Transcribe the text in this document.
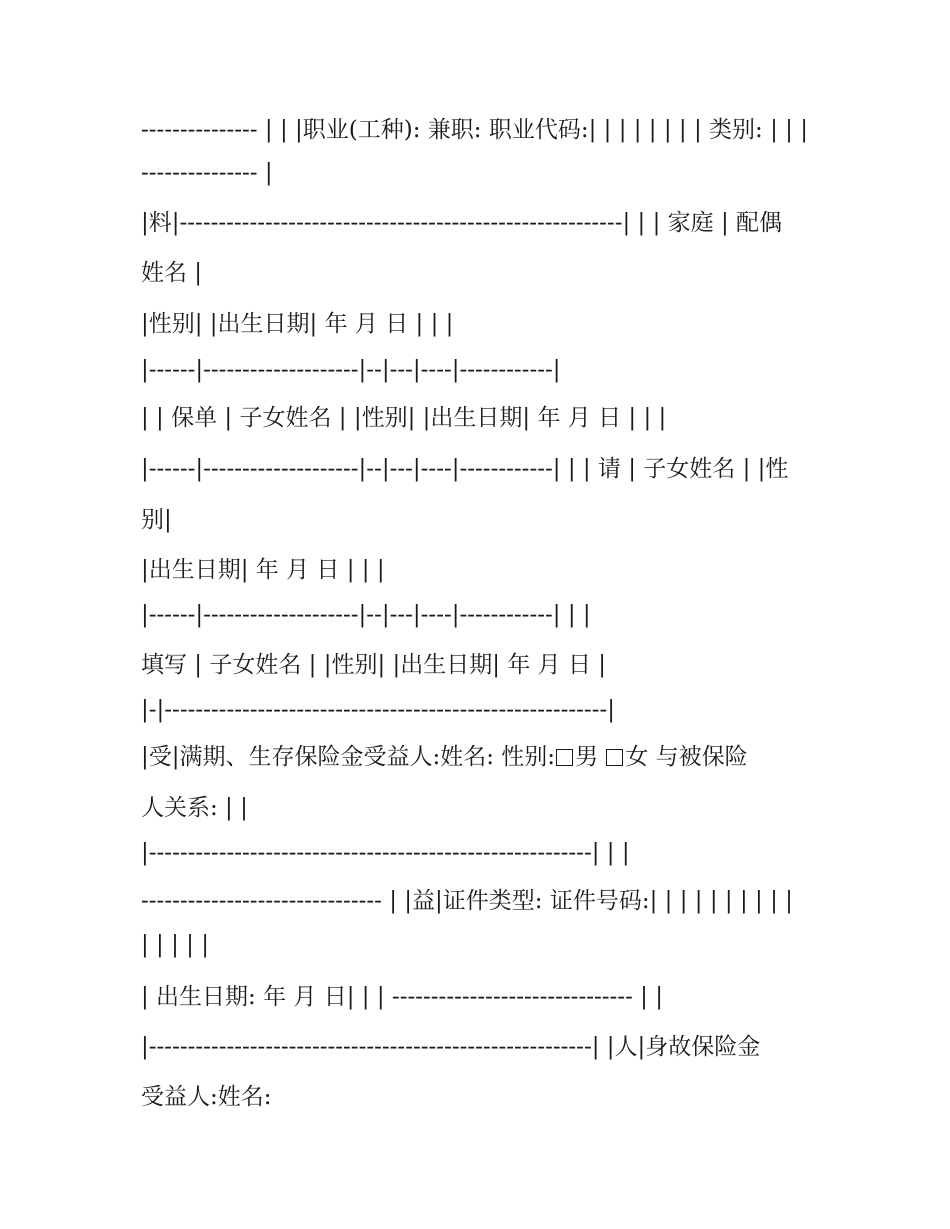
--------------- | | |职业(工种): 兼职: 职业代码:| | | | | | | | 类别: | | |

--------------- |

|料|---------------------------------------------------------| | | 家庭 | 配偶

姓名 |

|性别| |出生日期| 年 月 日 | | |

|------|--------------------|--|---|----|------------|

| | 保单 | 子女姓名 | |性别| |出生日期| 年 月 日 | | |

|------|--------------------|--|---|----|------------| | | 请 | 子女姓名 | |性

别|

|出生日期| 年 月 日 | | |

|------|--------------------|--|---|----|------------| | |

填写 | 子女姓名 | |性别| |出生日期| 年 月 日 |

|-|---------------------------------------------------------|

|受|满期、生存保险金受益人:姓名: 性别: 男 女 与被保险

人关系: | |

|---------------------------------------------------------| | |

------------------------------- | |益|证件类型: 证件号码:| | | | | | | | | |

| | | | |

| 出生日期: 年 月 日| | | ------------------------------- | |

|---------------------------------------------------------| |人|身故保险金

受益人:姓名:
